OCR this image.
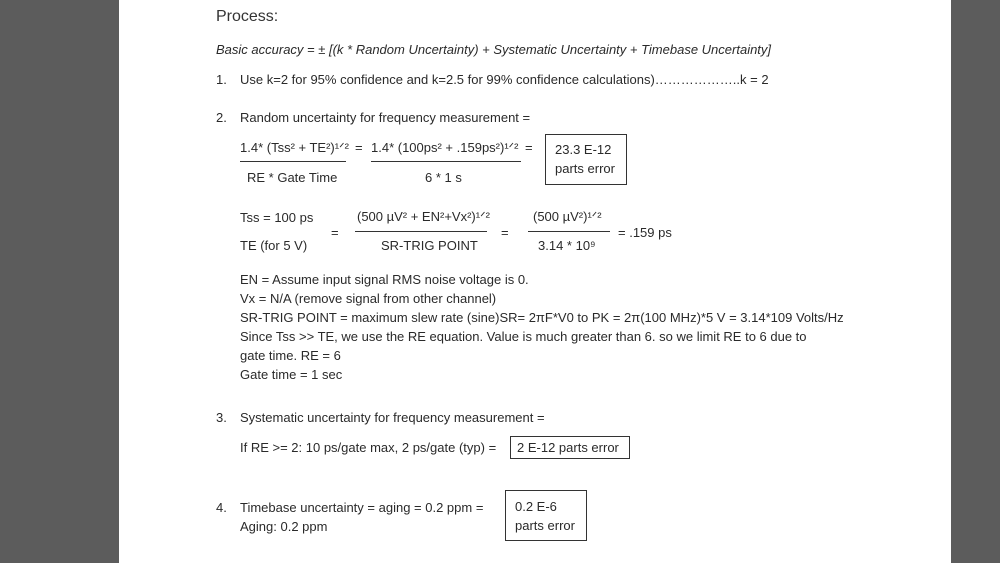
Process:
Basic accuracy = ± [(k * Random Uncertainty) + Systematic Uncertainty + Timebase Uncertainty]
1. Use k=2 for 95% confidence and k=2.5 for 99% confidence calculations)………………..k = 2
2. Random uncertainty for frequency measurement =
1.4* (Tss² + TE²)¹ᐟ²
RE * Gate Time
= 1.4* (100ps² + .159ps²)¹ᐟ²
6 * 1 s
= 23.3 E-12
parts error
Tss = 100 ps
TE (for 5 V)
=
(500 µV² + EN²+Vx²)¹ᐟ²
SR-TRIG POINT
=
(500 µV²)¹ᐟ²
3.14 * 10⁹
= .159 ps
EN = Assume input signal RMS noise voltage is 0.
Vx = N/A (remove signal from other channel)
SR-TRIG POINT = maximum slew rate (sine)SR= 2πF*V0 to PK = 2π(100 MHz)*5 V = 3.14*109 Volts/Hz
Since Tss >> TE, we use the RE equation. Value is much greater than 6. so we limit RE to 6 due to
gate time. RE = 6
Gate time = 1 sec
3. Systematic uncertainty for frequency measurement =
If RE >= 2: 10 ps/gate max, 2 ps/gate (typ) = 2 E-12 parts error
4. Timebase uncertainty = aging = 0.2 ppm =
Aging: 0.2 ppm
0.2 E-6
parts error
